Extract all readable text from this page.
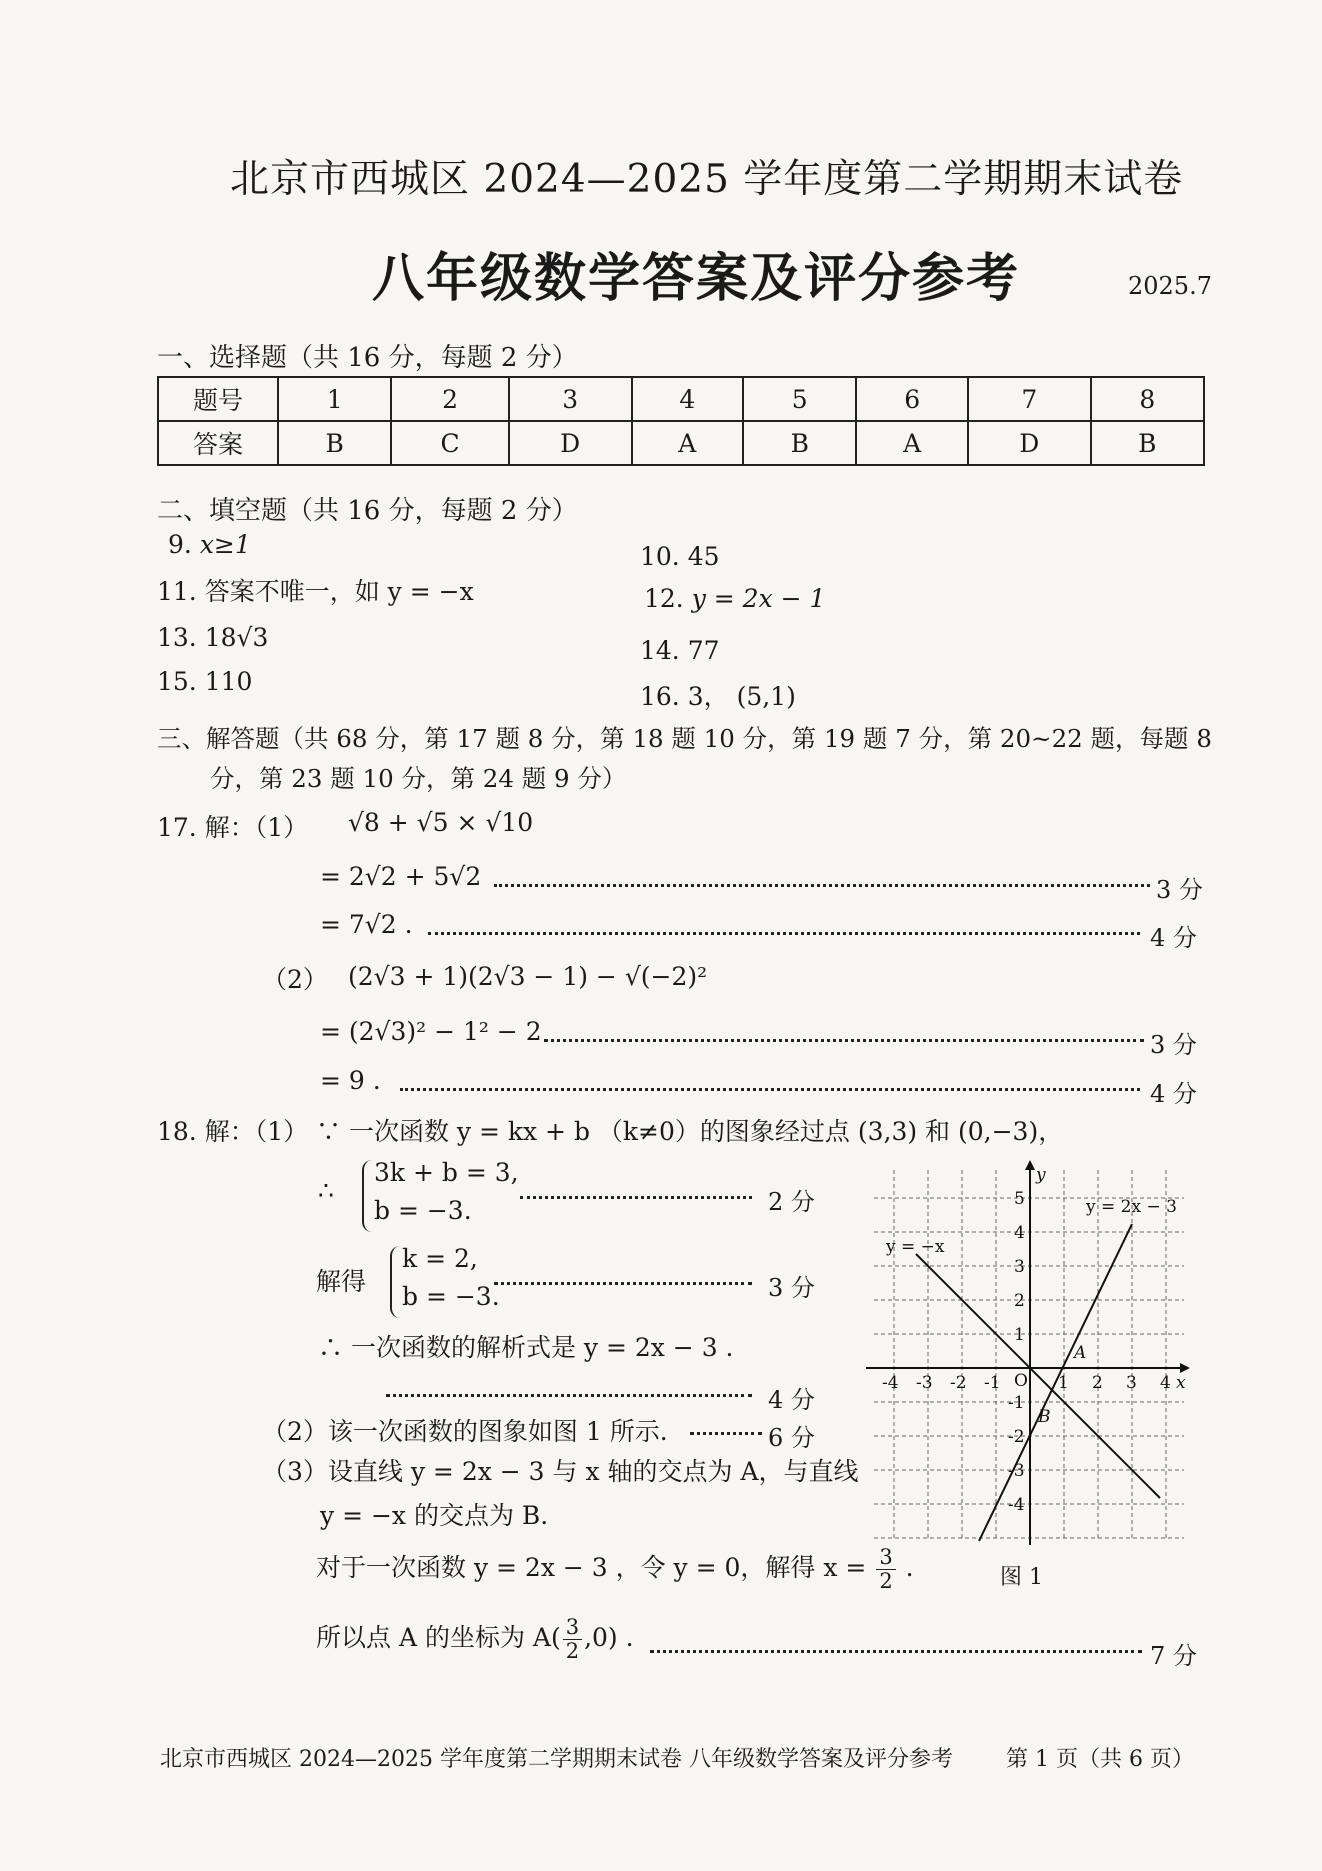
北京市西城区 2024—2025 学年度第二学期期末试卷
八年级数学答案及评分参考	2025.7
一、选择题（共 16 分，每题 2 分）
题号	1	2	3	4	5	6	7	8
答案	B	C	D	A	B	A	D	B
二、填空题（共 16 分，每题 2 分）
9. x≥1	10. 45
11. 答案不唯一，如 y = −x	12. y = 2x − 1
13. 18√3	14. 77
15. 110
16. 3， (5,1)
三、解答题（共 68 分，第 17 题 8 分，第 18 题 10 分，第 19 题 7 分，第 20~22 题，每题 8
分，第 23 题 10 分，第 24 题 9 分）
17. 解：（1） √8 + √5 × √10
= 2√2 + 5√2	3 分
= 7√2 .	4 分
（2） (2√3 + 1)(2√3 − 1) − √(−2)²
= (2√3)² − 1² − 2	3 分
= 9 .	4 分
18. 解：（1） ∵ 一次函数 y = kx + b （k≠0）的图象经过点 (3,3) 和 (0,−3)，
∴
3k + b = 3,
b = −3.	2 分
解得
k = 2,
b = −3.	3 分
∴ 一次函数的解析式是 y = 2x − 3 .
4 分
（2）该一次函数的图象如图 1 所示.	6 分
（3）设直线 y = 2x − 3 与 x 轴的交点为 A，与直线
y = −x 的交点为 B.
对于一次函数 y = 2x − 3 ，令 y = 0，解得 $x = \frac{3}{2}$ .
所以点 A 的坐标为 $A( \frac{3}{2} ,0)$ .
7 分
y = 2x − 3
y = −x
O	x
y
A
B
-4 -3 -2 -1	1 2 3 4
5
4
3
2
1
-1
-2
-3
-4
图 1
北京市西城区 2024—2025 学年度第二学期期末试卷 八年级数学答案及评分参考 第 1 页（共 6 页）
